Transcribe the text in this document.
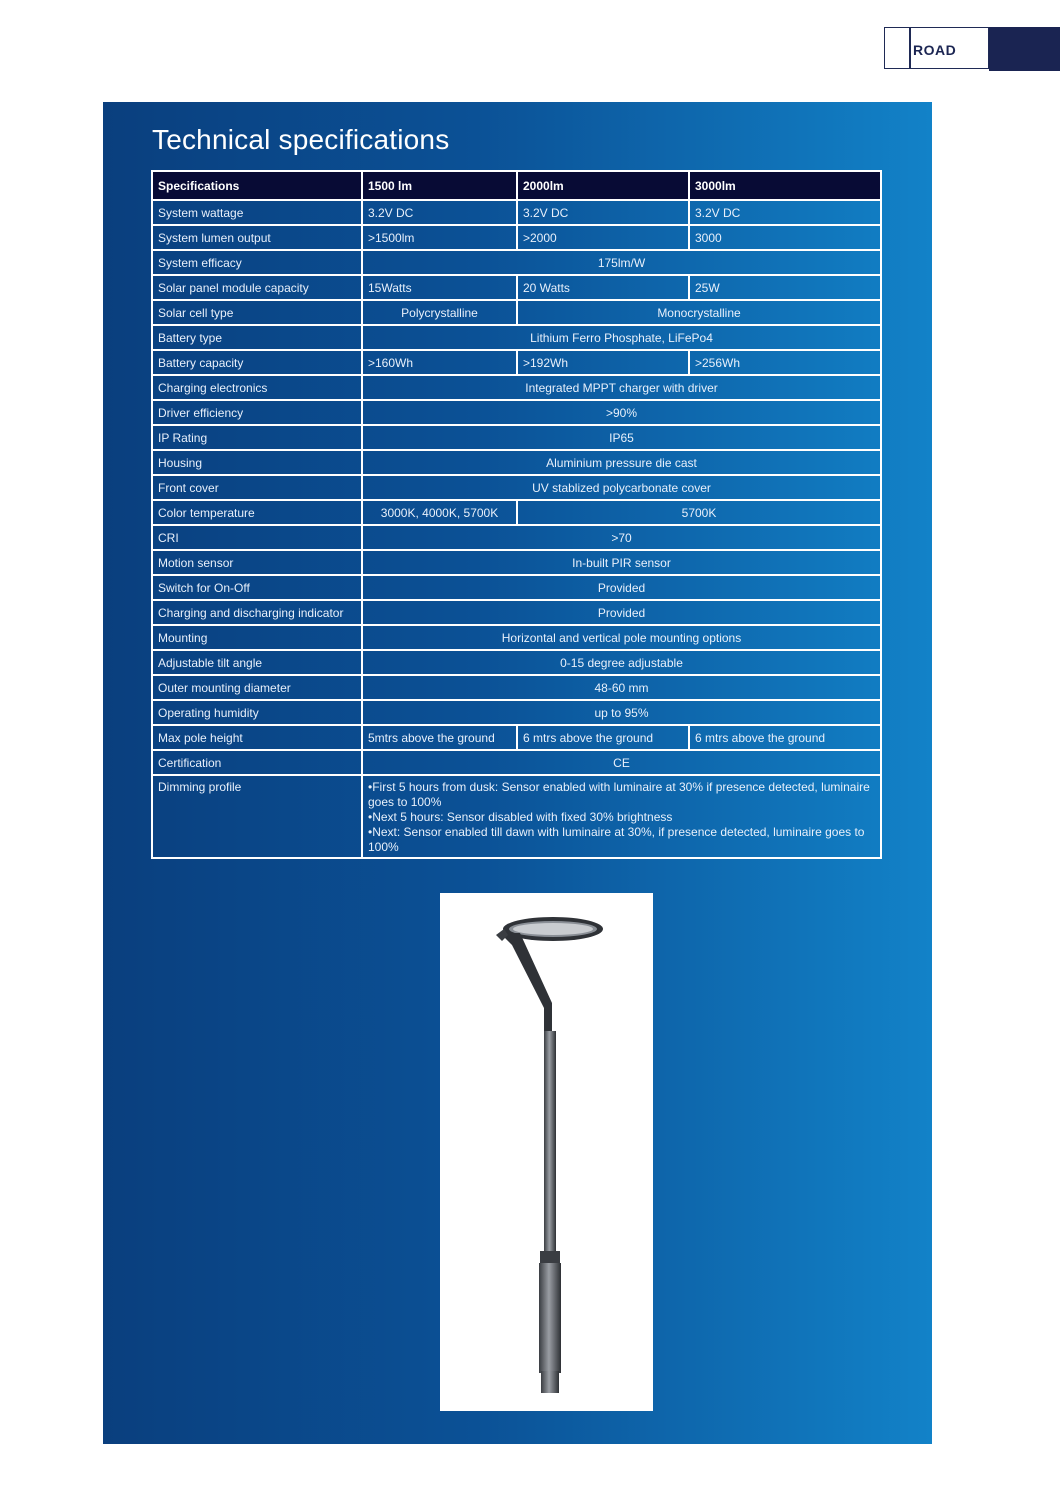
ROAD
Technical specifications
Specifications	1500 lm	2000lm	3000lm
System wattage	3.2V DC	3.2V DC	3.2V DC
System lumen output	>1500lm	>2000	3000
System efficacy	175lm/W		
Solar panel module capacity	15Watts	20 Watts	25W
Solar cell type	Polycrystalline	Monocrystalline	
Battery type	Lithium Ferro Phosphate, LiFePo4		
Battery capacity	>160Wh	>192Wh	>256Wh
Charging electronics	Integrated MPPT charger with driver		
Driver efficiency	>90%		
IP Rating	IP65		
Housing	Aluminium pressure die cast		
Front cover	UV stablized polycarbonate cover		
Color temperature	3000K, 4000K, 5700K	5700K	
CRI	>70		
Motion sensor	In-built PIR sensor		
Switch for On-Off	Provided		
Charging and discharging indicator	Provided		
Mounting	Horizontal and vertical pole mounting options		
Adjustable tilt angle	0-15 degree adjustable		
Outer mounting diameter	48-60 mm		
Operating humidity	up to 95%		
Max pole height	5mtrs above the ground	6 mtrs above the ground	6 mtrs above the ground
Certification	CE		
Dimming profile	•First 5 hours from dusk: Sensor enabled with luminaire at 30% if presence detected, luminaire goes to 100%
•Next 5 hours: Sensor disabled with fixed 30% brightness
•Next: Sensor enabled till dawn with luminaire at 30%, if presence detected, luminaire goes to 100%		
